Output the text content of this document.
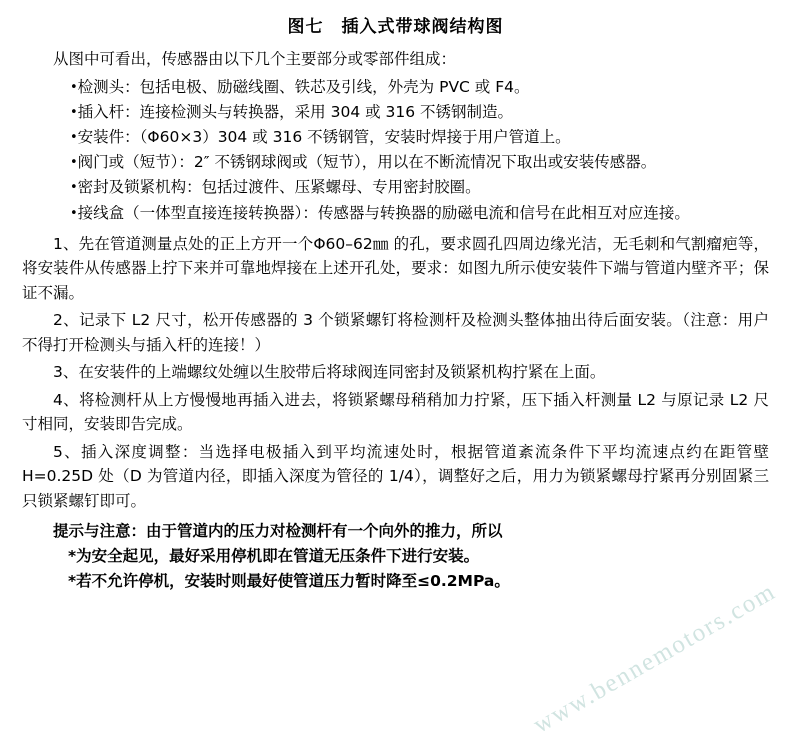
www.bennemotors.com
图七　插入式带球阀结构图

从图中可看出，传感器由以下几个主要部分或零部件组成：

•检测头：包括电极、励磁线圈、铁芯及引线，外壳为 PVC 或 F4。
•插入杆：连接检测头与转换器，采用 304 或 316 不锈钢制造。
•安装件：（Φ60×3）304 或 316 不锈钢管，安装时焊接于用户管道上。
•阀门或（短节）：2″ 不锈钢球阀或（短节），用以在不断流情况下取出或安装传感器。
•密封及锁紧机构：包括过渡件、压紧螺母、专用密封胶圈。
•接线盒（一体型直接连接转换器）：传感器与转换器的励磁电流和信号在此相互对应连接。

1、先在管道测量点处的正上方开一个Φ60–62㎜ 的孔，要求圆孔四周边缘光洁，无毛刺和气割瘤疤等，将安装件从传感器上拧下来并可靠地焊接在上述开孔处，要求：如图九所示使安装件下端与管道内壁齐平；保证不漏。

2、记录下 L2 尺寸，松开传感器的 3 个锁紧螺钉将检测杆及检测头整体抽出待后面安装。（注意：用户不得打开检测头与插入杆的连接！）

3、在安装件的上端螺纹处缠以生胶带后将球阀连同密封及锁紧机构拧紧在上面。

4、将检测杆从上方慢慢地再插入进去，将锁紧螺母稍稍加力拧紧，压下插入杆测量 L2 与原记录 L2 尺寸相同，安装即告完成。

5、插入深度调整：当选择电极插入到平均流速处时，根据管道紊流条件下平均流速点约在距管壁 H=0.25D 处（D 为管道内径，即插入深度为管径的 1/4），调整好之后，用力为锁紧螺母拧紧再分别固紧三只锁紧螺钉即可。

提示与注意：由于管道内的压力对检测杆有一个向外的推力，所以

*为安全起见，最好采用停机即在管道无压条件下进行安装。

*若不允许停机，安装时则最好使管道压力暂时降至≤0.2MPa。
